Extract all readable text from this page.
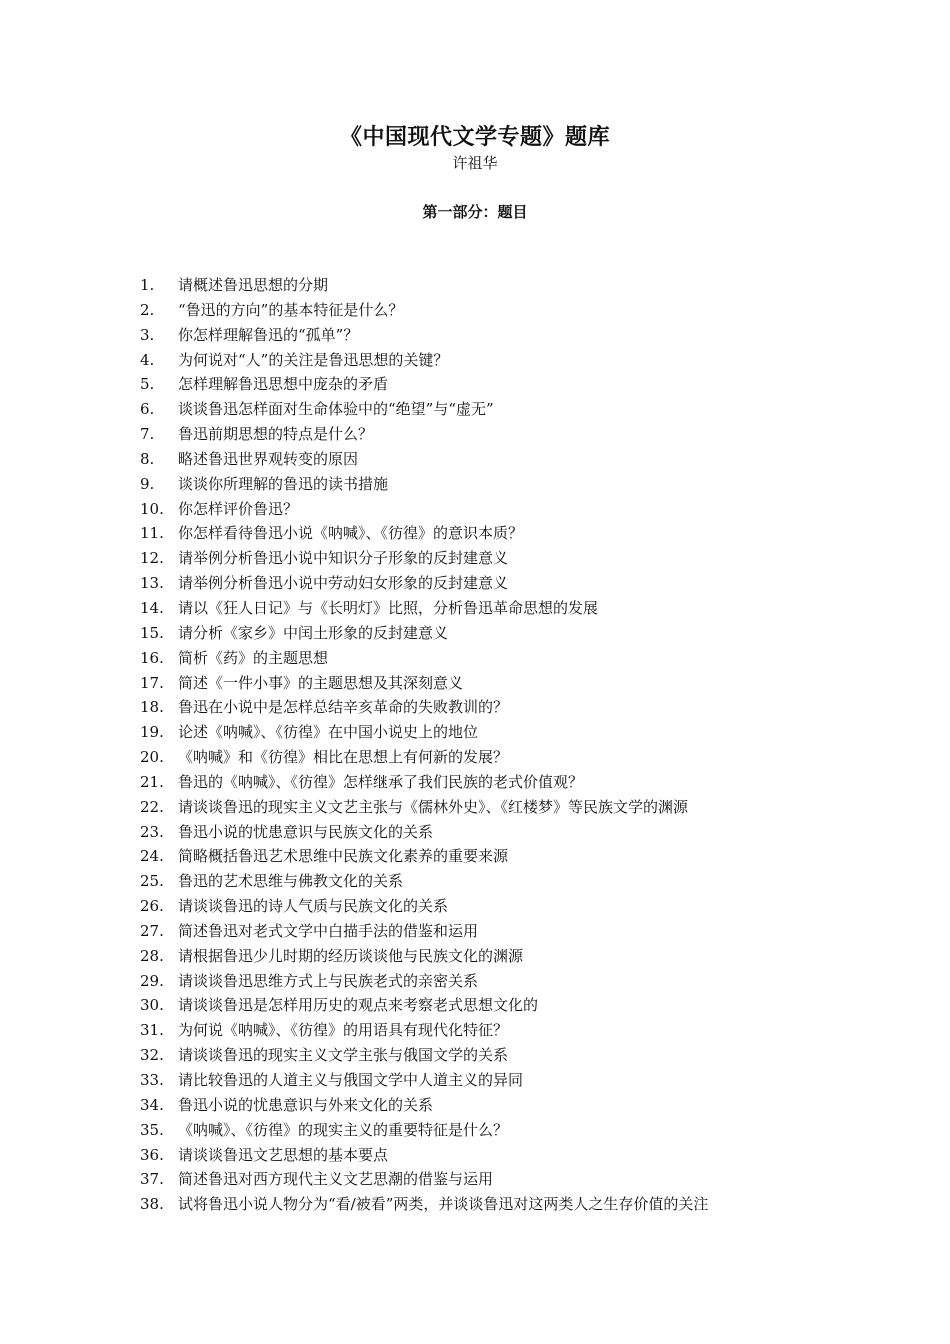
《中国现代文学专题》题库
许祖华
第一部分：题目
1.	请概述鲁迅思想的分期
2.	“鲁迅的方向”的基本特征是什么？
3.	你怎样理解鲁迅的“孤单”？
4.	为何说对“人”的关注是鲁迅思想的关键？
5.	怎样理解鲁迅思想中庞杂的矛盾
6.	谈谈鲁迅怎样面对生命体验中的“绝望”与“虚无”
7.	鲁迅前期思想的特点是什么？
8.	略述鲁迅世界观转变的原因
9.	谈谈你所理解的鲁迅的读书措施
10. 你怎样评价鲁迅？
11. 你怎样看待鲁迅小说《呐喊》、《彷徨》的意识本质？
12. 请举例分析鲁迅小说中知识分子形象的反封建意义
13. 请举例分析鲁迅小说中劳动妇女形象的反封建意义
14. 请以《狂人日记》与《长明灯》比照，分析鲁迅革命思想的发展
15. 请分析《家乡》中闰土形象的反封建意义
16. 简析《药》的主题思想
17. 简述《一件小事》的主题思想及其深刻意义
18. 鲁迅在小说中是怎样总结辛亥革命的失败教训的？
19. 论述《呐喊》、《彷徨》在中国小说史上的地位
20. 《呐喊》和《彷徨》相比在思想上有何新的发展？
21. 鲁迅的《呐喊》、《彷徨》怎样继承了我们民族的老式价值观？
22. 请谈谈鲁迅的现实主义文艺主张与《儒林外史》、《红楼梦》等民族文学的渊源
23. 鲁迅小说的忧患意识与民族文化的关系
24. 简略概括鲁迅艺术思维中民族文化素养的重要来源
25. 鲁迅的艺术思维与佛教文化的关系
26. 请谈谈鲁迅的诗人气质与民族文化的关系
27. 简述鲁迅对老式文学中白描手法的借鉴和运用
28. 请根据鲁迅少儿时期的经历谈谈他与民族文化的渊源
29. 请谈谈鲁迅思维方式上与民族老式的亲密关系
30. 请谈谈鲁迅是怎样用历史的观点来考察老式思想文化的
31. 为何说《呐喊》、《彷徨》的用语具有现代化特征？
32. 请谈谈鲁迅的现实主义文学主张与俄国文学的关系
33. 请比较鲁迅的人道主义与俄国文学中人道主义的异同
34. 鲁迅小说的忧患意识与外来文化的关系
35. 《呐喊》、《彷徨》的现实主义的重要特征是什么？
36. 请谈谈鲁迅文艺思想的基本要点
37. 简述鲁迅对西方现代主义文艺思潮的借鉴与运用
38. 试将鲁迅小说人物分为“看/被看”两类，并谈谈鲁迅对这两类人之生存价值的关注
